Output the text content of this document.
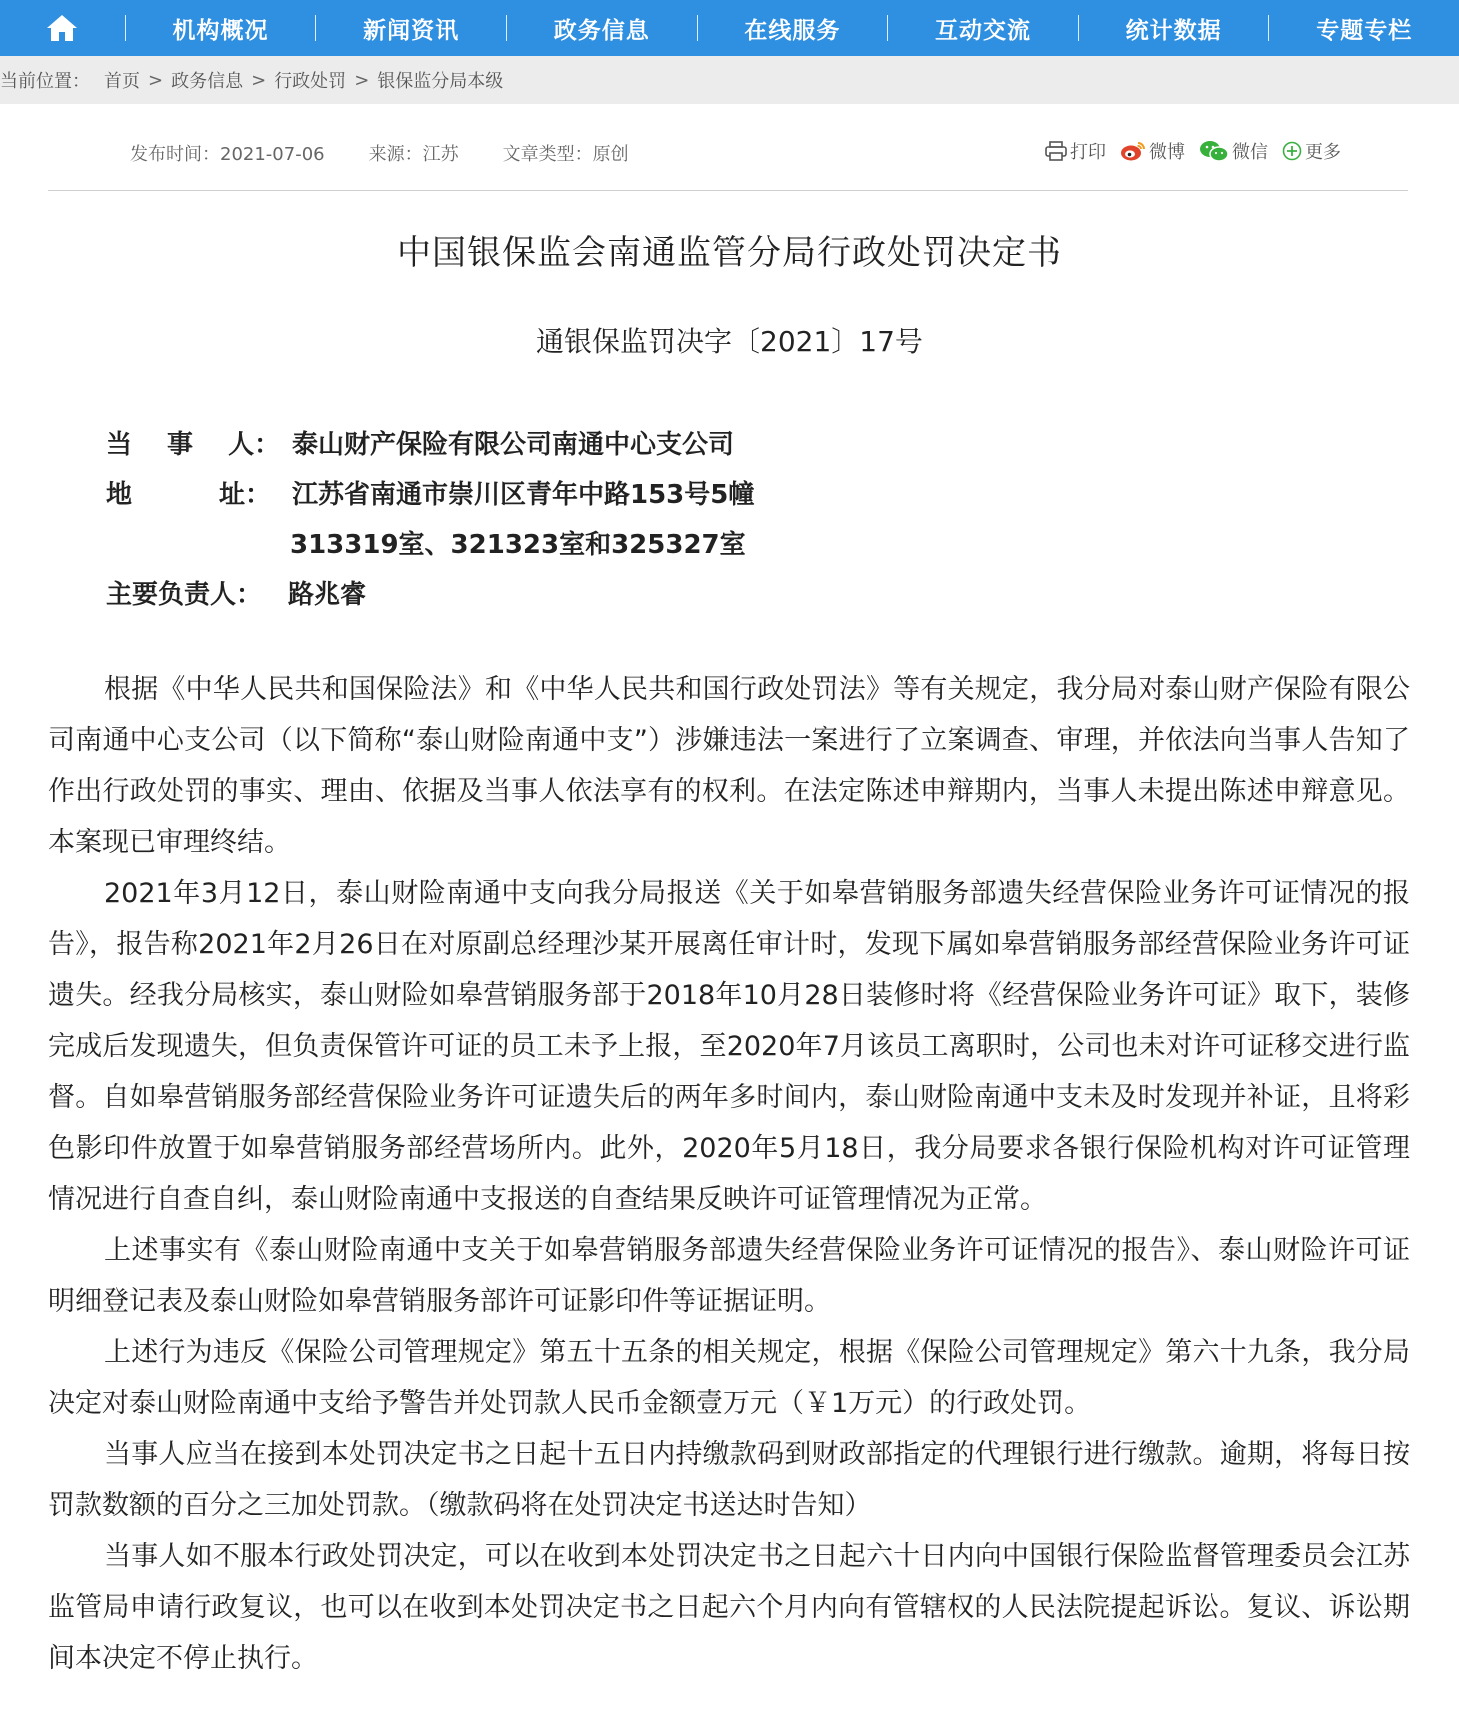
机构概况	新闻资讯	政务信息	在线服务	互动交流	统计数据	专题专栏
当前位置： 首页 > 政务信息 > 行政处罚 > 银保监分局本级
发布时间：2021-07-06 来源：江苏 文章类型：原创	打印 微博	微信 更多
中国银保监会南通监管分局行政处罚决定书
通银保监罚决字〔2021〕17号
当　 事　 人： 泰山财产保险有限公司南通中心支公司
地　　　 址： 江苏省南通市崇川区青年中路153号5幢
313319室、321323室和325327室
主要负责人： 路兆睿

根据《中华人民共和国保险法》和《中华人民共和国行政处罚法》等有关规定，我分局对泰山财产保险有限公司南通中心支公司（以下简称“泰山财险南通中支”）涉嫌违法一案进行了立案调查、审理，并依法向当事人告知了作出行政处罚的事实、理由、依据及当事人依法享有的权利。在法定陈述申辩期内，当事人未提出陈述申辩意见。本案现已审理终结。

2021年3月12日，泰山财险南通中支向我分局报送《关于如皋营销服务部遗失经营保险业务许可证情况的报告》，报告称2021年2月26日在对原副总经理沙某开展离任审计时，发现下属如皋营销服务部经营保险业务许可证遗失。经我分局核实，泰山财险如皋营销服务部于2018年10月28日装修时将《经营保险业务许可证》取下，装修完成后发现遗失，但负责保管许可证的员工未予上报，至2020年7月该员工离职时，公司也未对许可证移交进行监督。自如皋营销服务部经营保险业务许可证遗失后的两年多时间内，泰山财险南通中支未及时发现并补证，且将彩色影印件放置于如皋营销服务部经营场所内。此外，2020年5月18日，我分局要求各银行保险机构对许可证管理情况进行自查自纠，泰山财险南通中支报送的自查结果反映许可证管理情况为正常。

上述事实有《泰山财险南通中支关于如皋营销服务部遗失经营保险业务许可证情况的报告》、泰山财险许可证明细登记表及泰山财险如皋营销服务部许可证影印件等证据证明。

上述行为违反《保险公司管理规定》第五十五条的相关规定，根据《保险公司管理规定》第六十九条，我分局决定对泰山财险南通中支给予警告并处罚款人民币金额壹万元（￥1万元）的行政处罚。

当事人应当在接到本处罚决定书之日起十五日内持缴款码到财政部指定的代理银行进行缴款。逾期，将每日按罚款数额的百分之三加处罚款。（缴款码将在处罚决定书送达时告知）

当事人如不服本行政处罚决定，可以在收到本处罚决定书之日起六十日内向中国银行保险监督管理委员会江苏监管局申请行政复议，也可以在收到本处罚决定书之日起六个月内向有管辖权的人民法院提起诉讼。复议、诉讼期间本决定不停止执行。
